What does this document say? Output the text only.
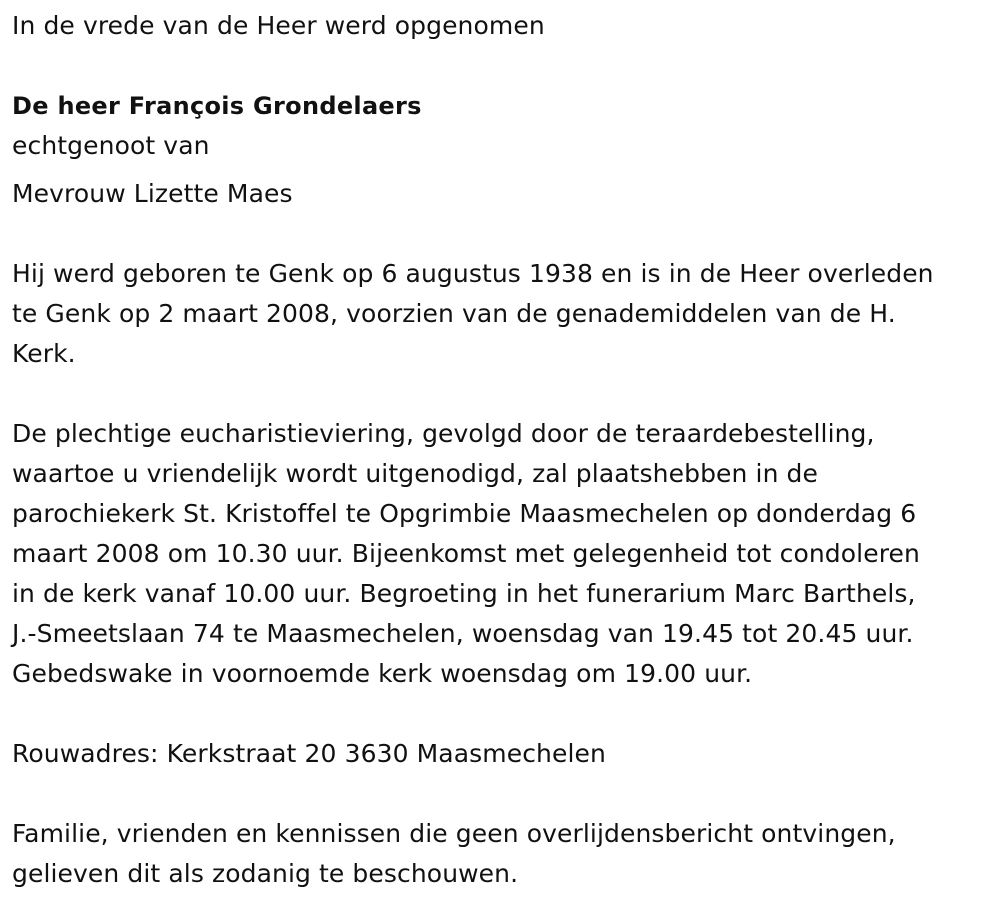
In de vrede van de Heer werd opgenomen

De heer François Grondelaers

echtgenoot van

Mevrouw Lizette Maes

Hij werd geboren te Genk op 6 augustus 1938 en is in de Heer overleden

te Genk op 2 maart 2008, voorzien van de genademiddelen van de H.

Kerk.

De plechtige eucharistieviering, gevolgd door de teraardebestelling,

waartoe u vriendelijk wordt uitgenodigd, zal plaatshebben in de

parochiekerk St. Kristoffel te Opgrimbie Maasmechelen op donderdag 6

maart 2008 om 10.30 uur. Bijeenkomst met gelegenheid tot condoleren

in de kerk vanaf 10.00 uur. Begroeting in het funerarium Marc Barthels,

J.-Smeetslaan 74 te Maasmechelen, woensdag van 19.45 tot 20.45 uur.

Gebedswake in voornoemde kerk woensdag om 19.00 uur.

Rouwadres: Kerkstraat 20 3630 Maasmechelen

Familie, vrienden en kennissen die geen overlijdensbericht ontvingen,

gelieven dit als zodanig te beschouwen.
